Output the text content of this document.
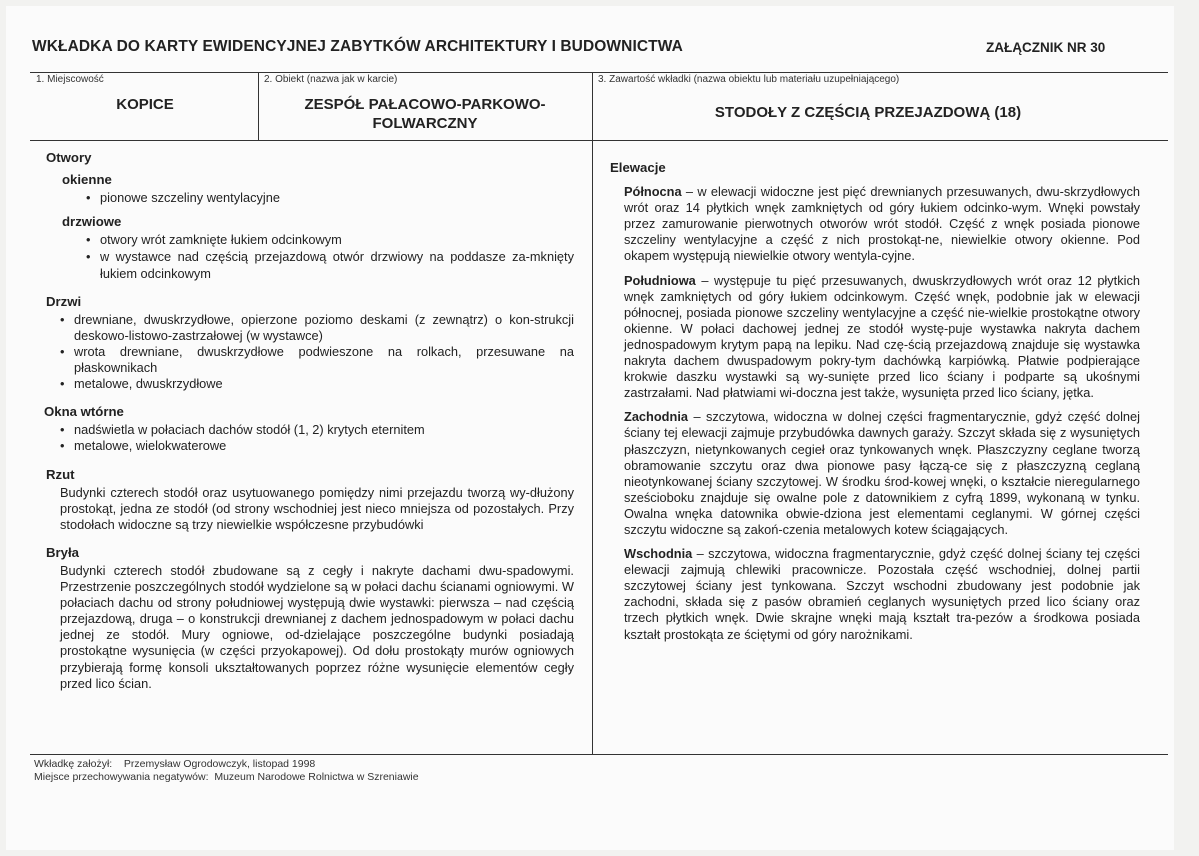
WKŁADKA DO KARTY EWIDENCYJNEJ ZABYTKÓW ARCHITEKTURY I BUDOWNICTWA	ZAŁĄCZNIK NR 30
1. Miejscowość
KOPICE
2. Obiekt (nazwa jak w karcie)
ZESPÓŁ PAŁACOWO-PARKOWO-
FOLWARCZNY
3. Zawartość wkładki (nazwa obiektu lub materiału uzupełniającego)
STODOŁY Z CZĘŚCIĄ PRZEJAZDOWĄ (18)
Otwory
okienne
• pionowe szczeliny wentylacyjne
drzwiowe
• otwory wrót zamknięte łukiem odcinkowym
• w wystawce nad częścią przejazdową otwór drzwiowy na poddasze za-mknięty łukiem odcinkowym
Drzwi
• drewniane, dwuskrzydłowe, opierzone poziomo deskami (z zewnątrz) o kon-strukcji deskowo-listowo-zastrzałowej (w wystawce)
• wrota drewniane, dwuskrzydłowe podwieszone na rolkach, przesuwane na płaskownikach
• metalowe, dwuskrzydłowe
Okna wtórne
• nadświetla w połaciach dachów stodół (1, 2) krytych eternitem
• metalowe, wielokwaterowe
Rzut
Budynki czterech stodół oraz usytuowanego pomiędzy nimi przejazdu tworzą wy-dłużony prostokąt, jedna ze stodół (od strony wschodniej jest nieco mniejsza od pozostałych. Przy stodołach widoczne są trzy niewielkie współczesne przybudówki
Bryła
Budynki czterech stodół zbudowane są z cegły i nakryte dachami dwu-spadowymi. Przestrzenie poszczególnych stodół wydzielone są w połaci dachu ścianami ogniowymi. W połaciach dachu od strony południowej występują dwie wystawki: pierwsza – nad częścią przejazdową, druga – o konstrukcji drewnianej z dachem jednospadowym w połaci dachu jednej ze stodół. Mury ogniowe, od-dzielające poszczególne budynki posiadają prostokątne wysunięcia (w części przyokapowej). Od dołu prostokąty murów ogniowych przybierają formę konsoli ukształtowanych poprzez różne wysunięcie elementów cegły przed lico ścian.
Elewacje
Północna – w elewacji widoczne jest pięć drewnianych przesuwanych, dwu-skrzydłowych wrót oraz 14 płytkich wnęk zamkniętych od góry łukiem odcinko-wym. Wnęki powstały przez zamurowanie pierwotnych otworów wrót stodół. Część z wnęk posiada pionowe szczeliny wentylacyjne a część z nich prostokąt-ne, niewielkie otwory okienne. Pod okapem występują niewielkie otwory wentyla-cyjne.
Południowa – występuje tu pięć przesuwanych, dwuskrzydłowych wrót oraz 12 płytkich wnęk zamkniętych od góry łukiem odcinkowym. Część wnęk, podobnie jak w elewacji północnej, posiada pionowe szczeliny wentylacyjne a część nie-wielkie prostokątne otwory okienne. W połaci dachowej jednej ze stodół wystę-puje wystawka nakryta dachem jednospadowym krytym papą na lepiku. Nad czę-ścią przejazdową znajduje się wystawka nakryta dachem dwuspadowym pokry-tym dachówką karpiówką. Płatwie podpierające krokwie daszku wystawki są wy-sunięte przed lico ściany i podparte są ukośnymi zastrzałami. Nad płatwiami wi-doczna jest także, wysunięta przed lico ściany, jętka.
Zachodnia – szczytowa, widoczna w dolnej części fragmentarycznie, gdyż część dolnej ściany tej elewacji zajmuje przybudówka dawnych garaży. Szczyt składa się z wysuniętych płaszczyzn, nietynkowanych cegieł oraz tynkowanych wnęk. Płaszczyzny ceglane tworzą obramowanie szczytu oraz dwa pionowe pasy łączą-ce się z płaszczyzną ceglaną nieotynkowanej ściany szczytowej. W środku środ-kowej wnęki, o kształcie nieregularnego sześcioboku znajduje się owalne pole z datownikiem z cyfrą 1899, wykonaną w tynku. Owalna wnęka datownika obwie-dziona jest elementami ceglanymi. W górnej części szczytu widoczne są zakoń-czenia metalowych kotew ściągających.
Wschodnia – szczytowa, widoczna fragmentarycznie, gdyż część dolnej ściany tej części elewacji zajmują chlewiki pracownicze. Pozostała część wschodniej, dolnej partii szczytowej ściany jest tynkowana. Szczyt wschodni zbudowany jest podobnie jak zachodni, składa się z pasów obramień ceglanych wysuniętych przed lico ściany oraz trzech płytkich wnęk. Dwie skrajne wnęki mają kształt tra-pezów a środkowa posiada kształt prostokąta ze ściętymi od góry narożnikami.
Wkładkę założył:    Przemysław Ogrodowczyk, listopad 1998
Miejsce przechowywania negatywów:  Muzeum Narodowe Rolnictwa w Szreniawie
